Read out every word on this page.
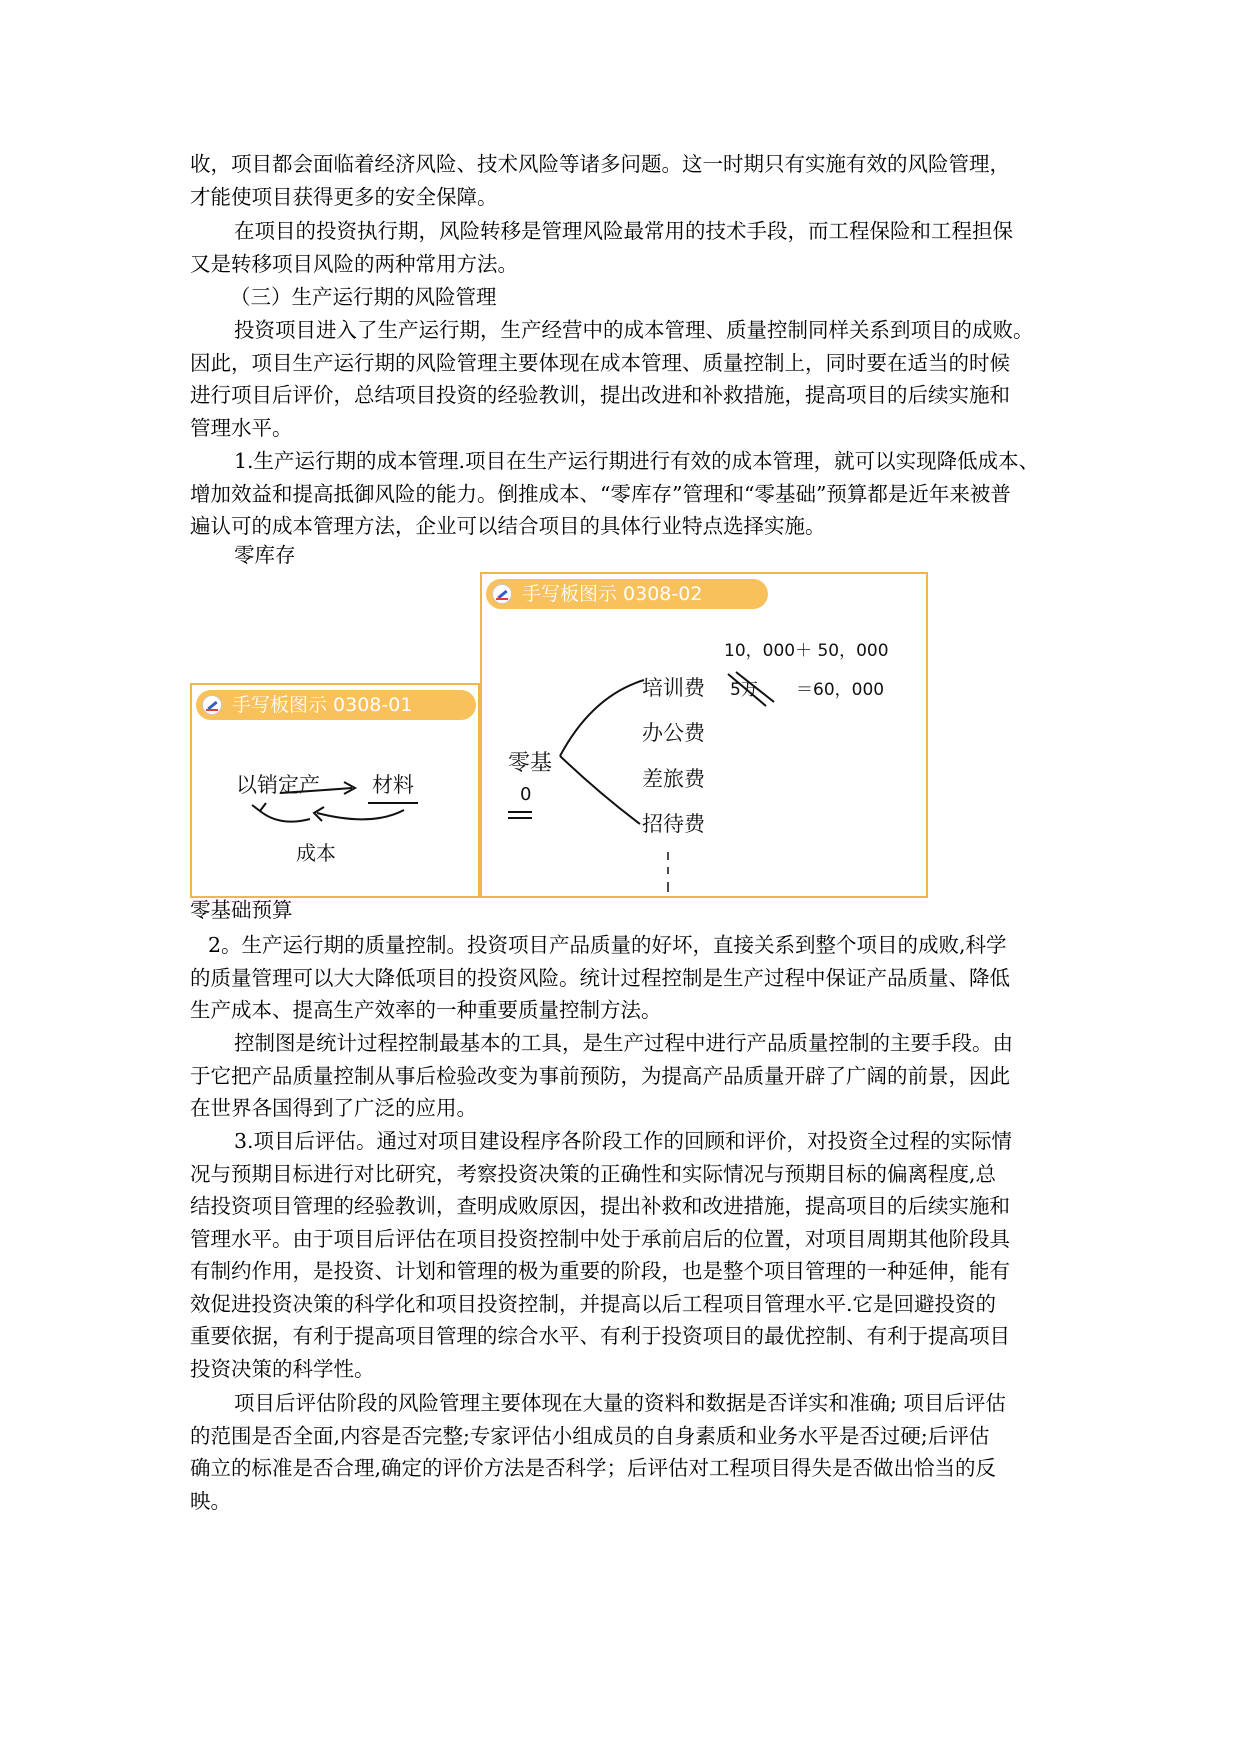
收，项目都会面临着经济风险、技术风险等诸多问题。这一时期只有实施有效的风险管理，
才能使项目获得更多的安全保障。

在项目的投资执行期，风险转移是管理风险最常用的技术手段，而工程保险和工程担保
又是转移项目风险的两种常用方法。

（三）生产运行期的风险管理

投资项目进入了生产运行期，生产经营中的成本管理、质量控制同样关系到项目的成败。
因此，项目生产运行期的风险管理主要体现在成本管理、质量控制上，同时要在适当的时候
进行项目后评价，总结项目投资的经验教训，提出改进和补救措施，提高项目的后续实施和
管理水平。

1.生产运行期的成本管理.项目在生产运行期进行有效的成本管理，就可以实现降低成本、
增加效益和提高抵御风险的能力。倒推成本、“零库存”管理和“零基础”预算都是近年来被普
遍认可的成本管理方法，企业可以结合项目的具体行业特点选择实施。

零库存
手写板图示 0308-01
以销定产 材料
成本
手写板图示 0308-02
10，000＋ 50，000
5万 ＝60，000
培训费
办公费
差旅费
招待费
零基
0
零基础预算

2。生产运行期的质量控制。投资项目产品质量的好坏，直接关系到整个项目的成败,科学
的质量管理可以大大降低项目的投资风险。统计过程控制是生产过程中保证产品质量、降低
生产成本、提高生产效率的一种重要质量控制方法。

控制图是统计过程控制最基本的工具，是生产过程中进行产品质量控制的主要手段。由
于它把产品质量控制从事后检验改变为事前预防，为提高产品质量开辟了广阔的前景，因此
在世界各国得到了广泛的应用。

3.项目后评估。通过对项目建设程序各阶段工作的回顾和评价，对投资全过程的实际情
况与预期目标进行对比研究，考察投资决策的正确性和实际情况与预期目标的偏离程度,总
结投资项目管理的经验教训，查明成败原因，提出补救和改进措施，提高项目的后续实施和
管理水平。由于项目后评估在项目投资控制中处于承前启后的位置，对项目周期其他阶段具
有制约作用，是投资、计划和管理的极为重要的阶段，也是整个项目管理的一种延伸，能有
效促进投资决策的科学化和项目投资控制，并提高以后工程项目管理水平.它是回避投资的
重要依据，有利于提高项目管理的综合水平、有利于投资项目的最优控制、有利于提高项目
投资决策的科学性。

项目后评估阶段的风险管理主要体现在大量的资料和数据是否详实和准确; 项目后评估
的范围是否全面,内容是否完整;专家评估小组成员的自身素质和业务水平是否过硬;后评估
确立的标准是否合理,确定的评价方法是否科学；后评估对工程项目得失是否做出恰当的反
映。
